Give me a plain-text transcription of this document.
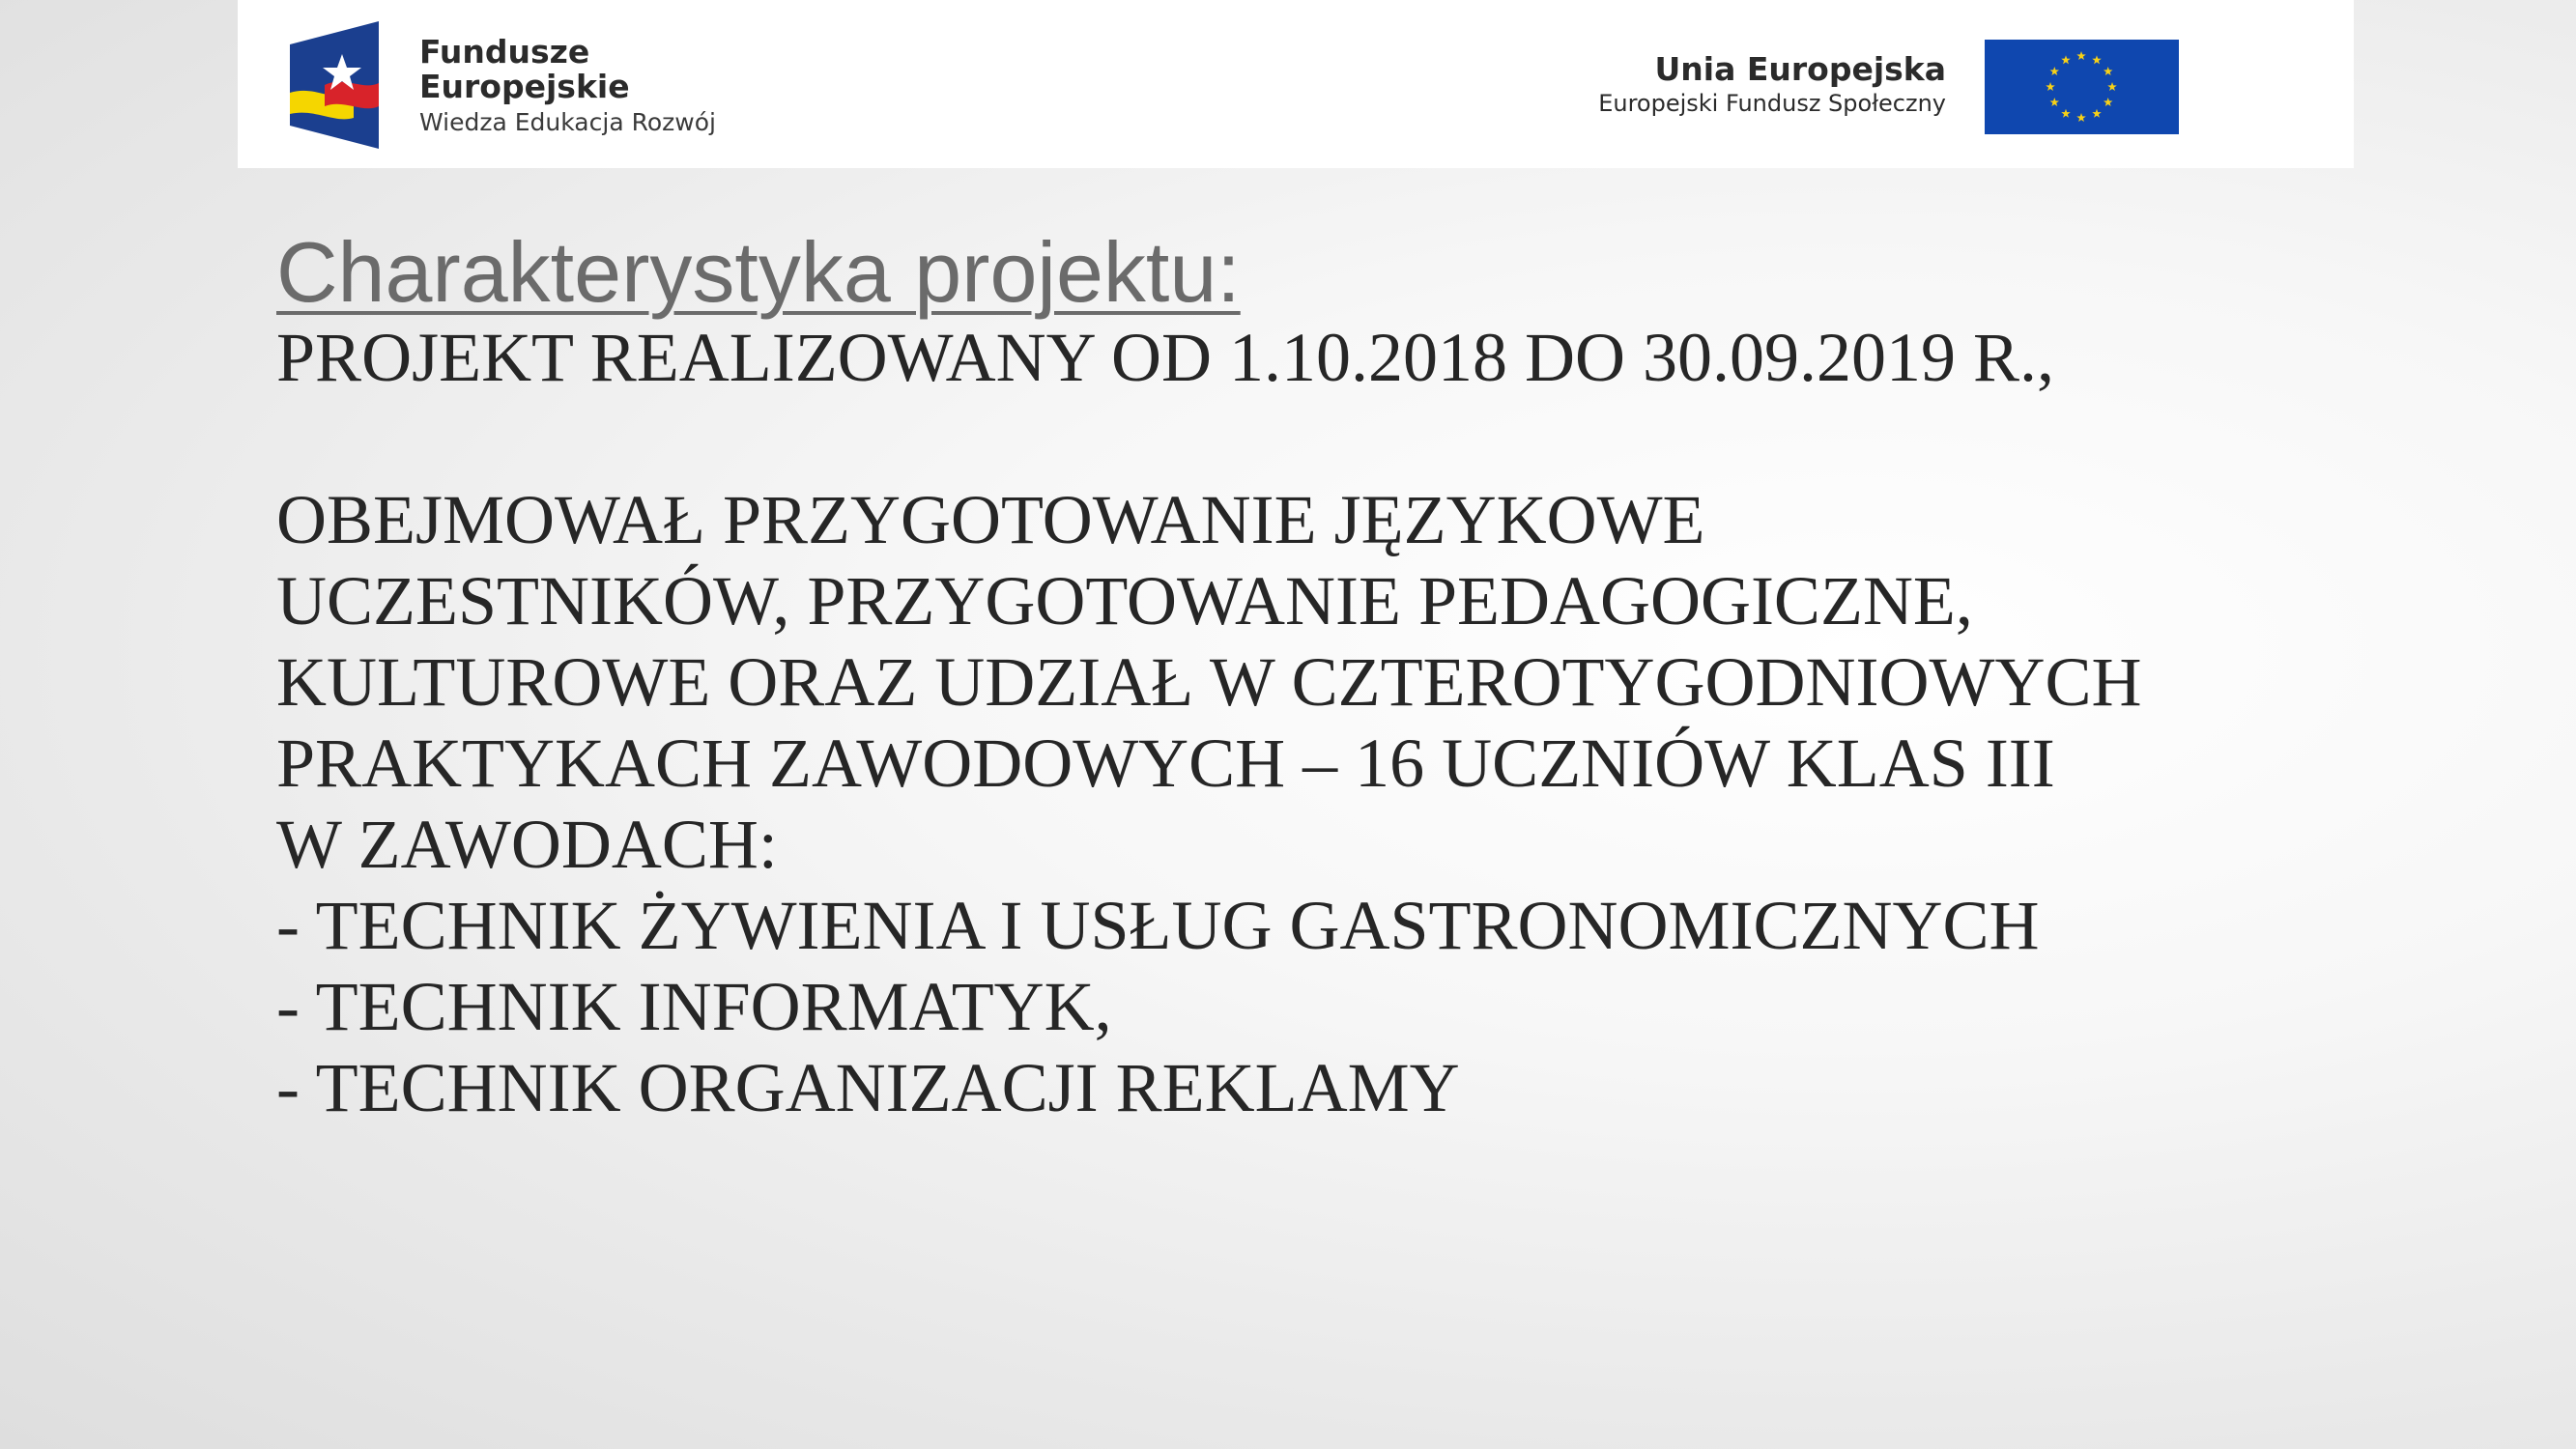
Fundusze
Europejskie
Wiedza Edukacja Rozwój
Unia Europejska
Europejski Fundusz Społeczny
Charakterystyka projektu:
PROJEKT REALIZOWANY OD 1.10.2018 DO 30.09.2019 R.,
OBEJMOWAŁ PRZYGOTOWANIE JĘZYKOWE
UCZESTNIKÓW, PRZYGOTOWANIE PEDAGOGICZNE,
KULTUROWE ORAZ UDZIAŁ W CZTEROTYGODNIOWYCH
PRAKTYKACH ZAWODOWYCH – 16 UCZNIÓW KLAS III
W ZAWODACH:
- TECHNIK ŻYWIENIA I USŁUG GASTRONOMICZNYCH
- TECHNIK INFORMATYK,
- TECHNIK ORGANIZACJI REKLAMY
